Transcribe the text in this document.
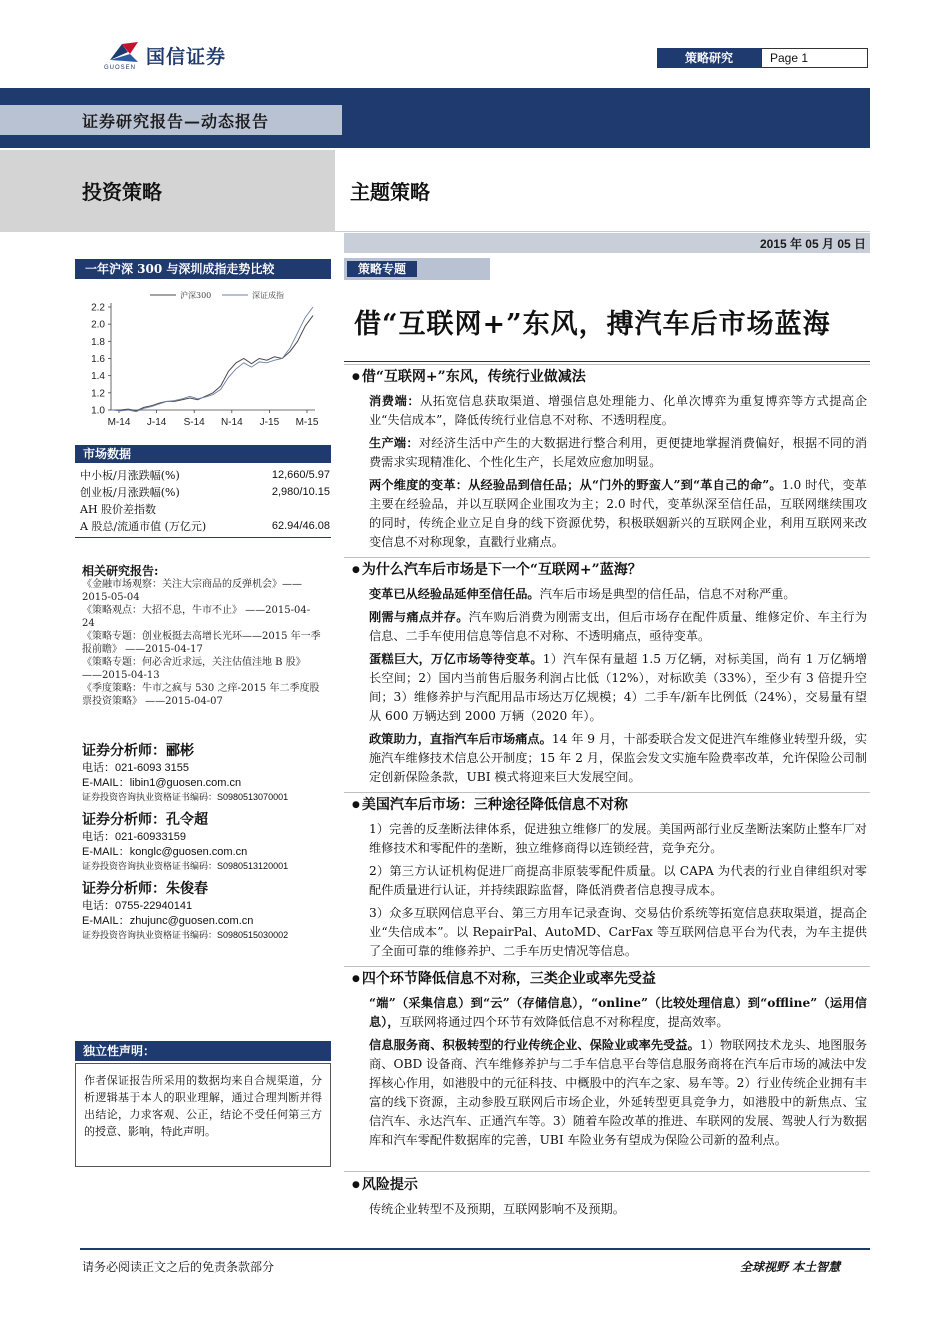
国信证券
GUOSEN
策略研究	Page 1
证券研究报告—动态报告
投资策略	主题策略
2015 年 05 月 05 日
一年沪深 300 与深圳成指走势比较
1.0
1.2
1.4
1.6
1.8
2.0
2.2
M-14 J-14 S-14 N-14 J-15 M-15
沪深300	深证成指
市场数据
中小板/月涨跌幅(%)	12,660/5.97
创业板/月涨跌幅(%)	2,980/10.15
AH 股价差指数	
A 股总/流通市值 (万亿元)	62.94/46.08
相关研究报告:

《金融市场观察：关注大宗商品的反弹机会》——2015-05-04

《策略观点：大招不息，牛市不止》 ——2015-04-24

《策略专题：创业板挺去高增长光环——2015 年一季报前瞻》 ——2015-04-17

《策略专题：何必舍近求远，关注估值洼地 B 股》 ——2015-04-13

《季度策略：牛市之疯与 530 之痒-2015 年二季度股票投资策略》 ——2015-04-07

证券分析师：郦彬
电话：021-6093 3155
E-MAIL：libin1@guosen.com.cn
证券投资咨询执业资格证书编码：S0980513070001
证券分析师：孔令超
电话：021-60933159
E-MAIL：konglc@guosen.com.cn
证券投资咨询执业资格证书编码：S0980513120001
证券分析师：朱俊春
电话：0755-22940141
E-MAIL：zhujunc@guosen.com.cn
证券投资咨询执业资格证书编码：S0980515030002
独立性声明：
作者保证报告所采用的数据均来自合规渠道，分析逻辑基于本人的职业理解，通过合理判断并得出结论，力求客观、公正，结论不受任何第三方的授意、影响，特此声明。
策略专题
借“互联网+”东风，搏汽车后市场蓝海
● 借“互联网+”东风，传统行业做减法
消费端：从拓宽信息获取渠道、增强信息处理能力、化单次博弈为重复博弈等方式提高企业“失信成本”，降低传统行业信息不对称、不透明程度。
生产端：对经济生活中产生的大数据进行整合利用，更便捷地掌握消费偏好，根据不同的消费需求实现精准化、个性化生产，长尾效应愈加明显。
两个维度的变革：从经验品到信任品；从“门外的野蛮人”到“革自己的命”。1.0 时代，变革主要在经验品，并以互联网企业围攻为主；2.0 时代，变革纵深至信任品，互联网继续围攻的同时，传统企业立足自身的线下资源优势，积极联姻新兴的互联网企业，利用互联网来改变信息不对称现象，直戳行业痛点。
● 为什么汽车后市场是下一个“互联网+”蓝海？
变革已从经验品延伸至信任品。汽车后市场是典型的信任品，信息不对称严重。
刚需与痛点并存。汽车购后消费为刚需支出，但后市场存在配件质量、维修定价、车主行为信息、二手车使用信息等信息不对称、不透明痛点，亟待变革。
蛋糕巨大，万亿市场等待变革。1）汽车保有量超 1.5 万亿辆，对标美国，尚有 1 万亿辆增长空间；2）国内当前售后服务利润占比低（12%），对标欧美（33%），至少有 3 倍提升空间；3）维修养护与汽配用品市场达万亿规模；4）二手车/新车比例低（24%），交易量有望从 600 万辆达到 2000 万辆（2020 年）。
政策助力，直指汽车后市场痛点。14 年 9 月，十部委联合发文促进汽车维修业转型升级，实施汽车维修技术信息公开制度；15 年 2 月，保监会发文实施车险费率改革，允许保险公司制定创新保险条款，UBI 模式将迎来巨大发展空间。
● 美国汽车后市场：三种途径降低信息不对称
1）完善的反垄断法律体系，促进独立维修厂的发展。美国两部行业反垄断法案防止整车厂对维修技术和零配件的垄断，独立维修商得以连锁经营，竞争充分。
2）第三方认证机构促进厂商提高非原装零配件质量。以 CAPA 为代表的行业自律组织对零配件质量进行认证，并持续跟踪监督，降低消费者信息搜寻成本。
3）众多互联网信息平台、第三方用车记录查询、交易估价系统等拓宽信息获取渠道，提高企业“失信成本”。以 RepairPal、AutoMD、CarFax 等互联网信息平台为代表，为车主提供了全面可靠的维修养护、二手车历史情况等信息。
● 四个环节降低信息不对称，三类企业或率先受益
“端”（采集信息）到“云”（存储信息），“online”（比较处理信息）到“offline”（运用信息），互联网将通过四个环节有效降低信息不对称程度，提高效率。
信息服务商、积极转型的行业传统企业、保险业或率先受益。1）物联网技术龙头、地图服务商、OBD 设备商、汽车维修养护与二手车信息平台等信息服务商将在汽车后市场的减法中发挥核心作用，如港股中的元征科技、中概股中的汽车之家、易车等。2）行业传统企业拥有丰富的线下资源，主动参股互联网后市场企业，外延转型更具竞争力，如港股中的新焦点、宝信汽车、永达汽车、正通汽车等。3）随着车险改革的推进、车联网的发展、驾驶人行为数据库和汽车零配件数据库的完善，UBI 车险业务有望成为保险公司新的盈利点。
● 风险提示
传统企业转型不及预期，互联网影响不及预期。
请务必阅读正文之后的免责条款部分	全球视野 本土智慧
